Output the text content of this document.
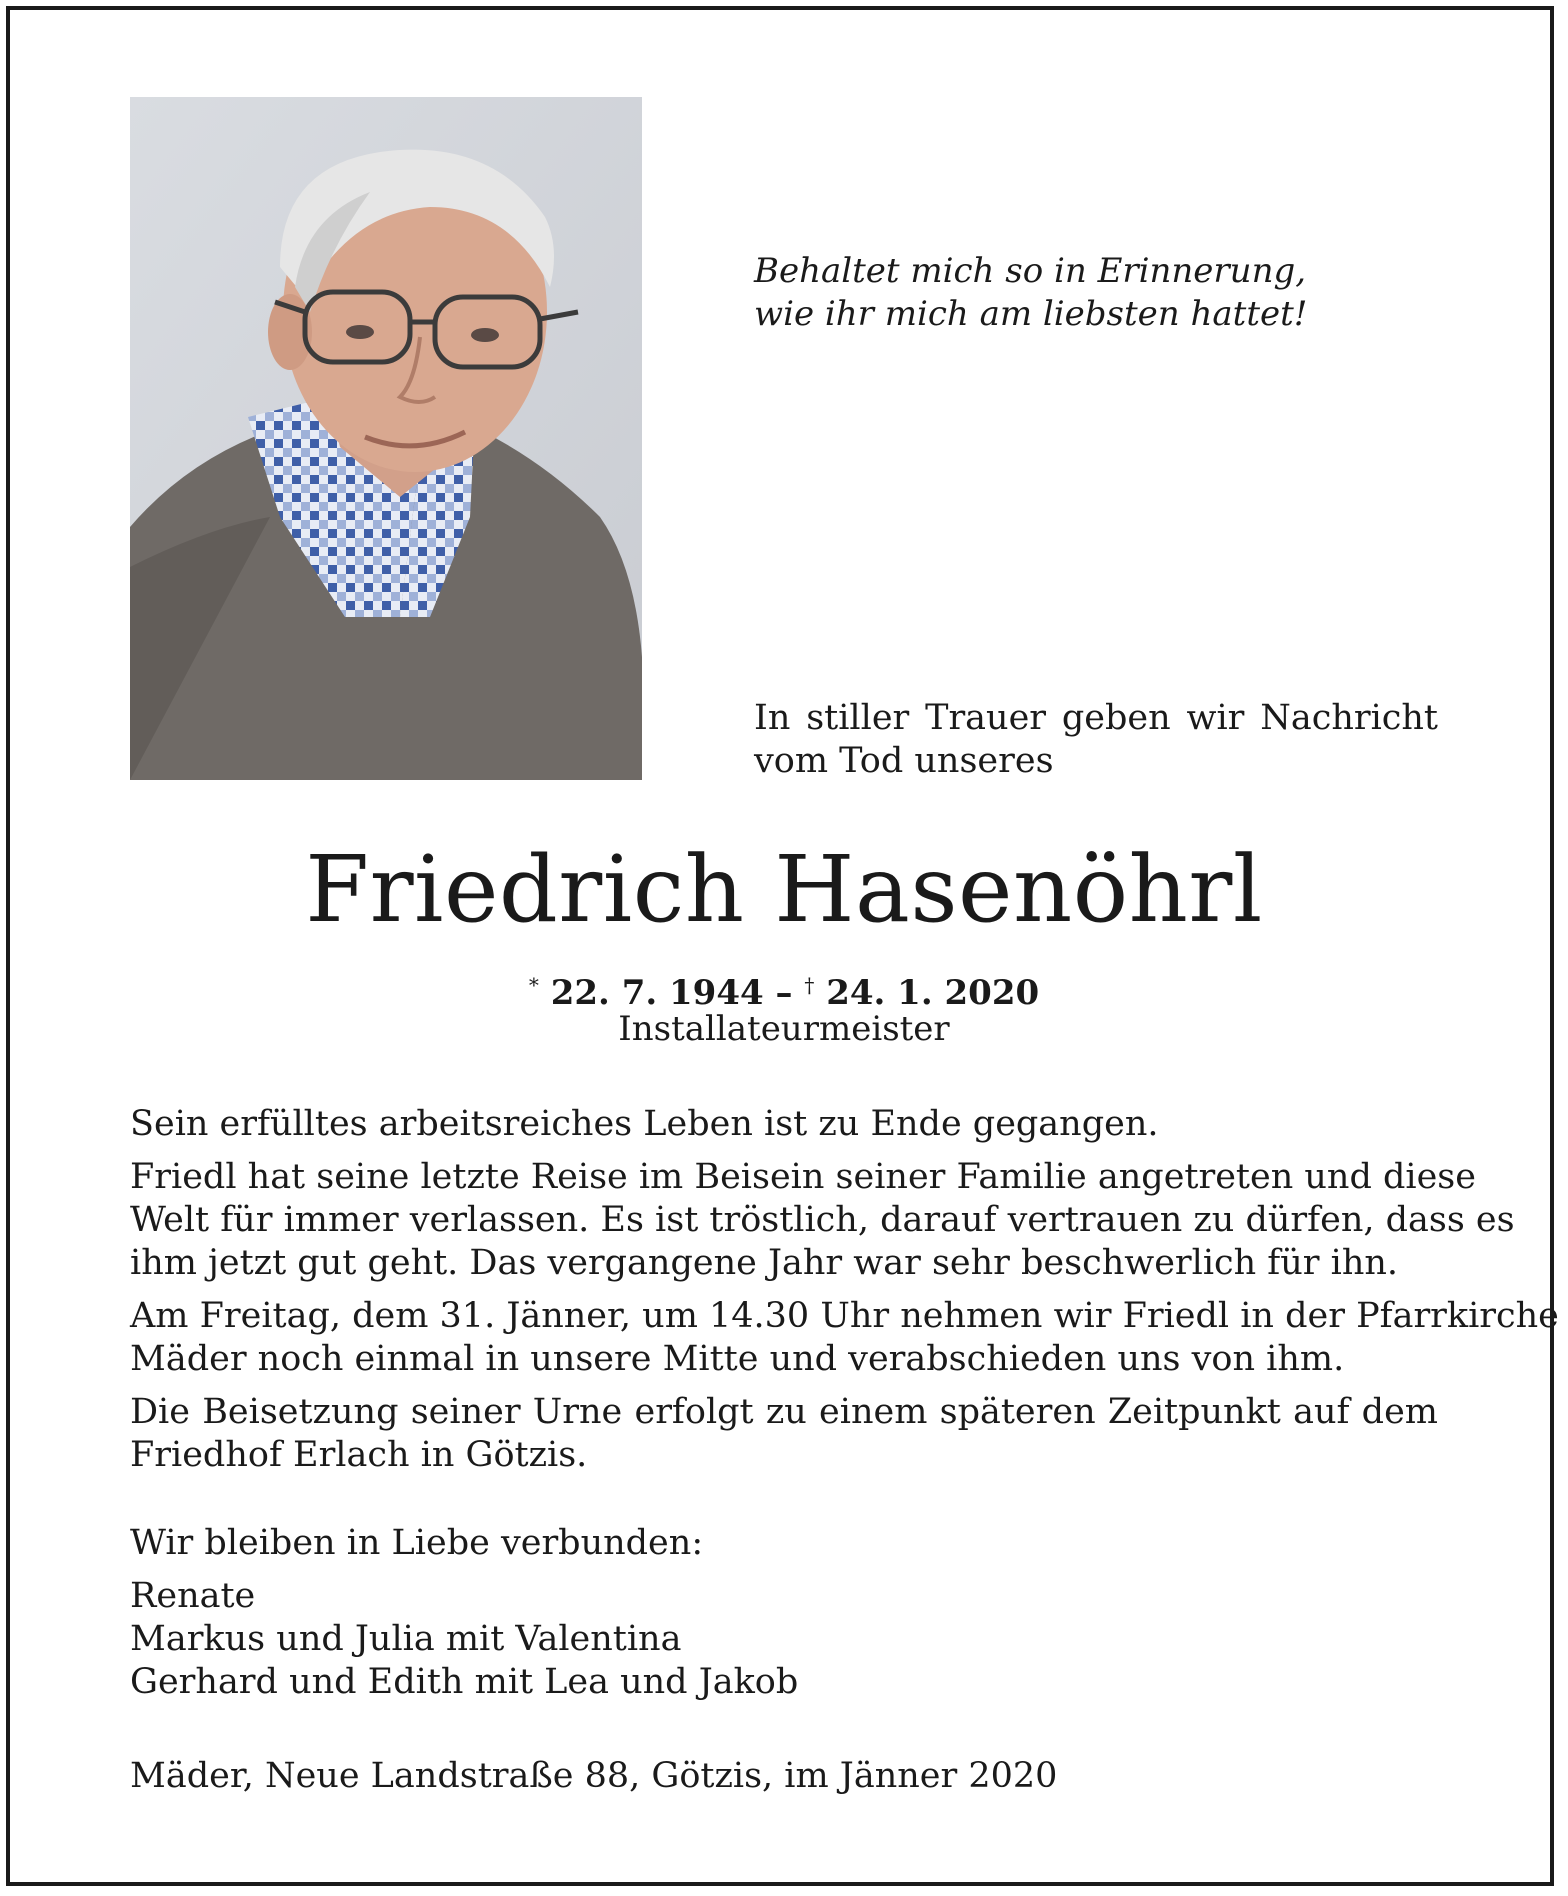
Behaltet mich so in Erinnerung,
wie ihr mich am liebsten hattet!
In stiller Trauer geben wir Nachricht
vom Tod unseres
Friedrich Hasenöhrl
* 22. 7. 1944 – † 24. 1. 2020
Installateurmeister

Sein erfülltes arbeitsreiches Leben ist zu Ende gegangen.

Friedl hat seine letzte Reise im Beisein seiner Familie angetreten und diese
Welt für immer verlassen. Es ist tröstlich, darauf vertrauen zu dürfen, dass es
ihm jetzt gut geht. Das vergangene Jahr war sehr beschwerlich für ihn.

Am Freitag, dem 31. Jänner, um 14.30 Uhr nehmen wir Friedl in der Pfarrkirche
Mäder noch einmal in unsere Mitte und verabschieden uns von ihm.

Die Beisetzung seiner Urne erfolgt zu einem späteren Zeitpunkt auf dem
Friedhof Erlach in Götzis.

Wir bleiben in Liebe verbunden:
Renate
Markus und Julia mit Valentina
Gerhard und Edith mit Lea und Jakob
Mäder, Neue Landstraße 88, Götzis, im Jänner 2020
